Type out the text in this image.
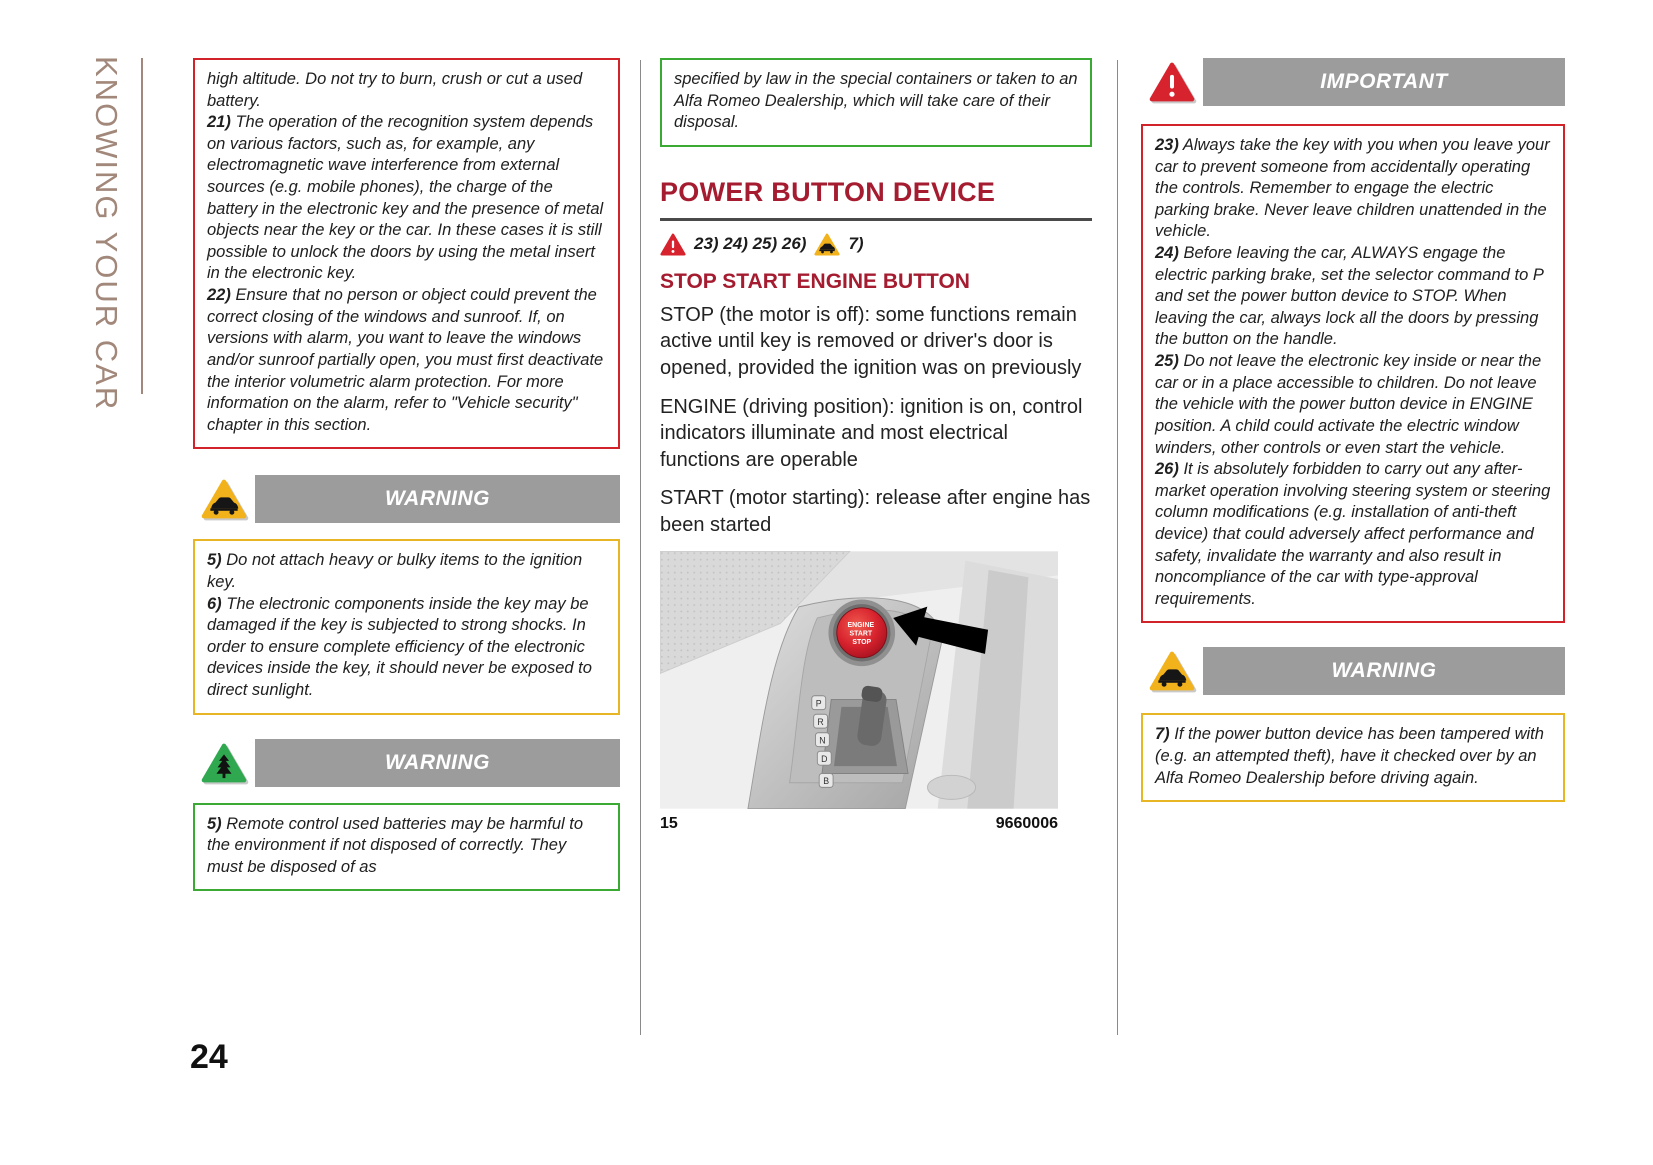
KNOWING YOUR CAR
24

high altitude. Do not try to burn, crush or cut a used battery.

21) The operation of the recognition system depends on various factors, such as, for example, any electromagnetic wave interference from external sources (e.g. mobile phones), the charge of the battery in the electronic key and the presence of metal objects near the key or the car. In these cases it is still possible to unlock the doors by using the metal insert in the electronic key.

22) Ensure that no person or object could prevent the correct closing of the windows and sunroof. If, on versions with alarm, you want to leave the windows and/or sunroof partially open, you must first deactivate the interior volumetric alarm protection. For more information on the alarm, refer to "Vehicle security" chapter in this section.

WARNING

5) Do not attach heavy or bulky items to the ignition key.

6) The electronic components inside the key may be damaged if the key is subjected to strong shocks. In order to ensure complete efficiency of the electronic devices inside the key, it should never be exposed to direct sunlight.

WARNING

5) Remote control used batteries may be harmful to the environment if not disposed of correctly. They must be disposed of as

specified by law in the special containers or taken to an Alfa Romeo Dealership, which will take care of their disposal.

POWER BUTTON DEVICE
23) 24) 25) 26) 7)
STOP START ENGINE BUTTON

STOP (the motor is off): some functions remain active until key is removed or driver's door is opened, provided the ignition was on previously

ENGINE (driving position): ignition is on, control indicators illuminate and most electrical functions are operable

START (motor starting): release after engine has been started

ENGINE START STOP
P
R
N
D
B
15	9660006
IMPORTANT

23) Always take the key with you when you leave your car to prevent someone from accidentally operating the controls. Remember to engage the electric parking brake. Never leave children unattended in the vehicle.

24) Before leaving the car, ALWAYS engage the electric parking brake, set the selector command to P and set the power button device to STOP. When leaving the car, always lock all the doors by pressing the button on the handle.

25) Do not leave the electronic key inside or near the car or in a place accessible to children. Do not leave the vehicle with the power button device in ENGINE position. A child could activate the electric window winders, other controls or even start the vehicle.

26) It is absolutely forbidden to carry out any after-market operation involving steering system or steering column modifications (e.g. installation of anti-theft device) that could adversely affect performance and safety, invalidate the warranty and also result in noncompliance of the car with type-approval requirements.

WARNING

7) If the power button device has been tampered with (e.g. an attempted theft), have it checked over by an Alfa Romeo Dealership before driving again.
